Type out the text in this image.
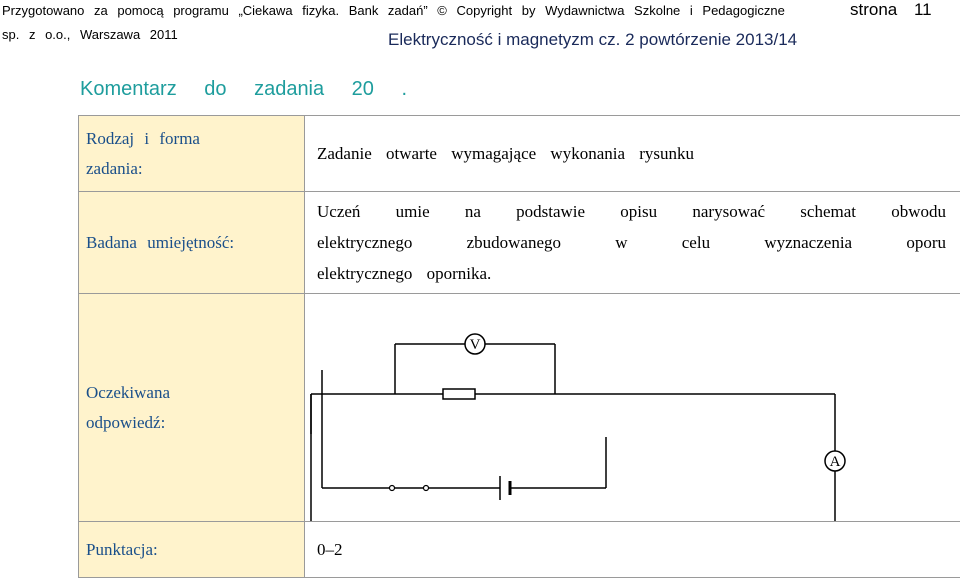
Przygotowano za pomocą programu „Ciekawa fizyka. Bank zadań” © Copyright by Wydawnictwa Szkolne i Pedagogiczne
sp. z o.o., Warszawa 2011
strona 11
Elektryczność i magnetyzm cz. 2 powtórzenie 2013/14
Komentarz do zadania 20 .
Rodzaj i forma zadania:	Zadanie otwarte wymagające wykonania rysunku

Badana umiejętność:	Uczeń umie na podstawie opisu narysować schemat obwodu
elektrycznego zbudowanego w celu wyznaczenia oporu
elektrycznego opornika.

Oczekiwana odpowiedź:	V
A

Punktacja:	0–2
